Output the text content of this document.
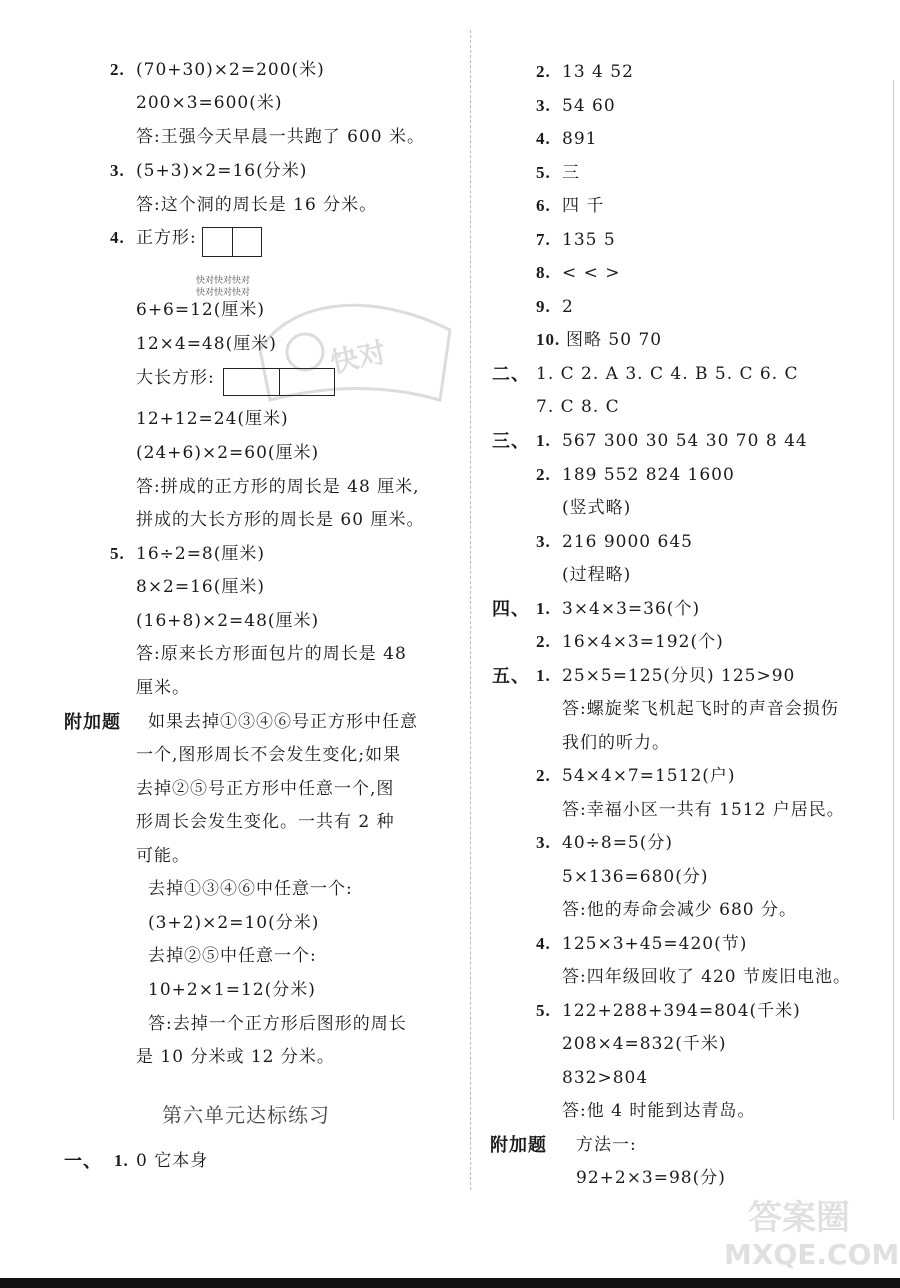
2. (70+30)×2=200(米)
200×3=600(米)
答:王强今天早晨一共跑了 600 米。
3. (5+3)×2=16(分米)
答:这个洞的周长是 16 分米。
4. 正方形:
快对快对快对
快对快对快对
6+6=12(厘米)
12×4=48(厘米)
大长方形:
12+12=24(厘米)
(24+6)×2=60(厘米)
答:拼成的正方形的周长是 48 厘米,
拼成的大长方形的周长是 60 厘米。
5. 16÷2=8(厘米)
8×2=16(厘米)
(16+8)×2=48(厘米)
答:原来长方形面包片的周长是 48
厘米。
附加题 如果去掉①③④⑥号正方形中任意
一个,图形周长不会发生变化;如果
去掉②⑤号正方形中任意一个,图
形周长会发生变化。一共有 2 种
可能。
去掉①③④⑥中任意一个:
(3+2)×2=10(分米)
去掉②⑤中任意一个:
10+2×1=12(分米)
答:去掉一个正方形后图形的周长
是 10 分米或 12 分米。
第六单元达标练习
一、 1. 0 它本身
2. 13 4 52
3. 54 60
4. 891
5. 三
6. 四 千
7. 135 5
8. < < >
9. 2
10. 图略 50 70
二、 1. C 2. A 3. C 4. B 5. C 6. C
7. C 8. C
三、 1. 567 300 30 54 30 70 8 44
2. 189 552 824 1600
(竖式略)
3. 216 9000 645
(过程略)
四、 1. 3×4×3=36(个)
2. 16×4×3=192(个)
五、 1. 25×5=125(分贝) 125>90
答:螺旋桨飞机起飞时的声音会损伤
我们的听力。
2. 54×4×7=1512(户)
答:幸福小区一共有 1512 户居民。
3. 40÷8=5(分)
5×136=680(分)
答:他的寿命会减少 680 分。
4. 125×3+45=420(节)
答:四年级回收了 420 节废旧电池。
5. 122+288+394=804(千米)
208×4=832(千米)
832>804
答:他 4 时能到达青岛。
附加题 方法一:
92+2×3=98(分)
快对
答案圈
MXQE.COM
